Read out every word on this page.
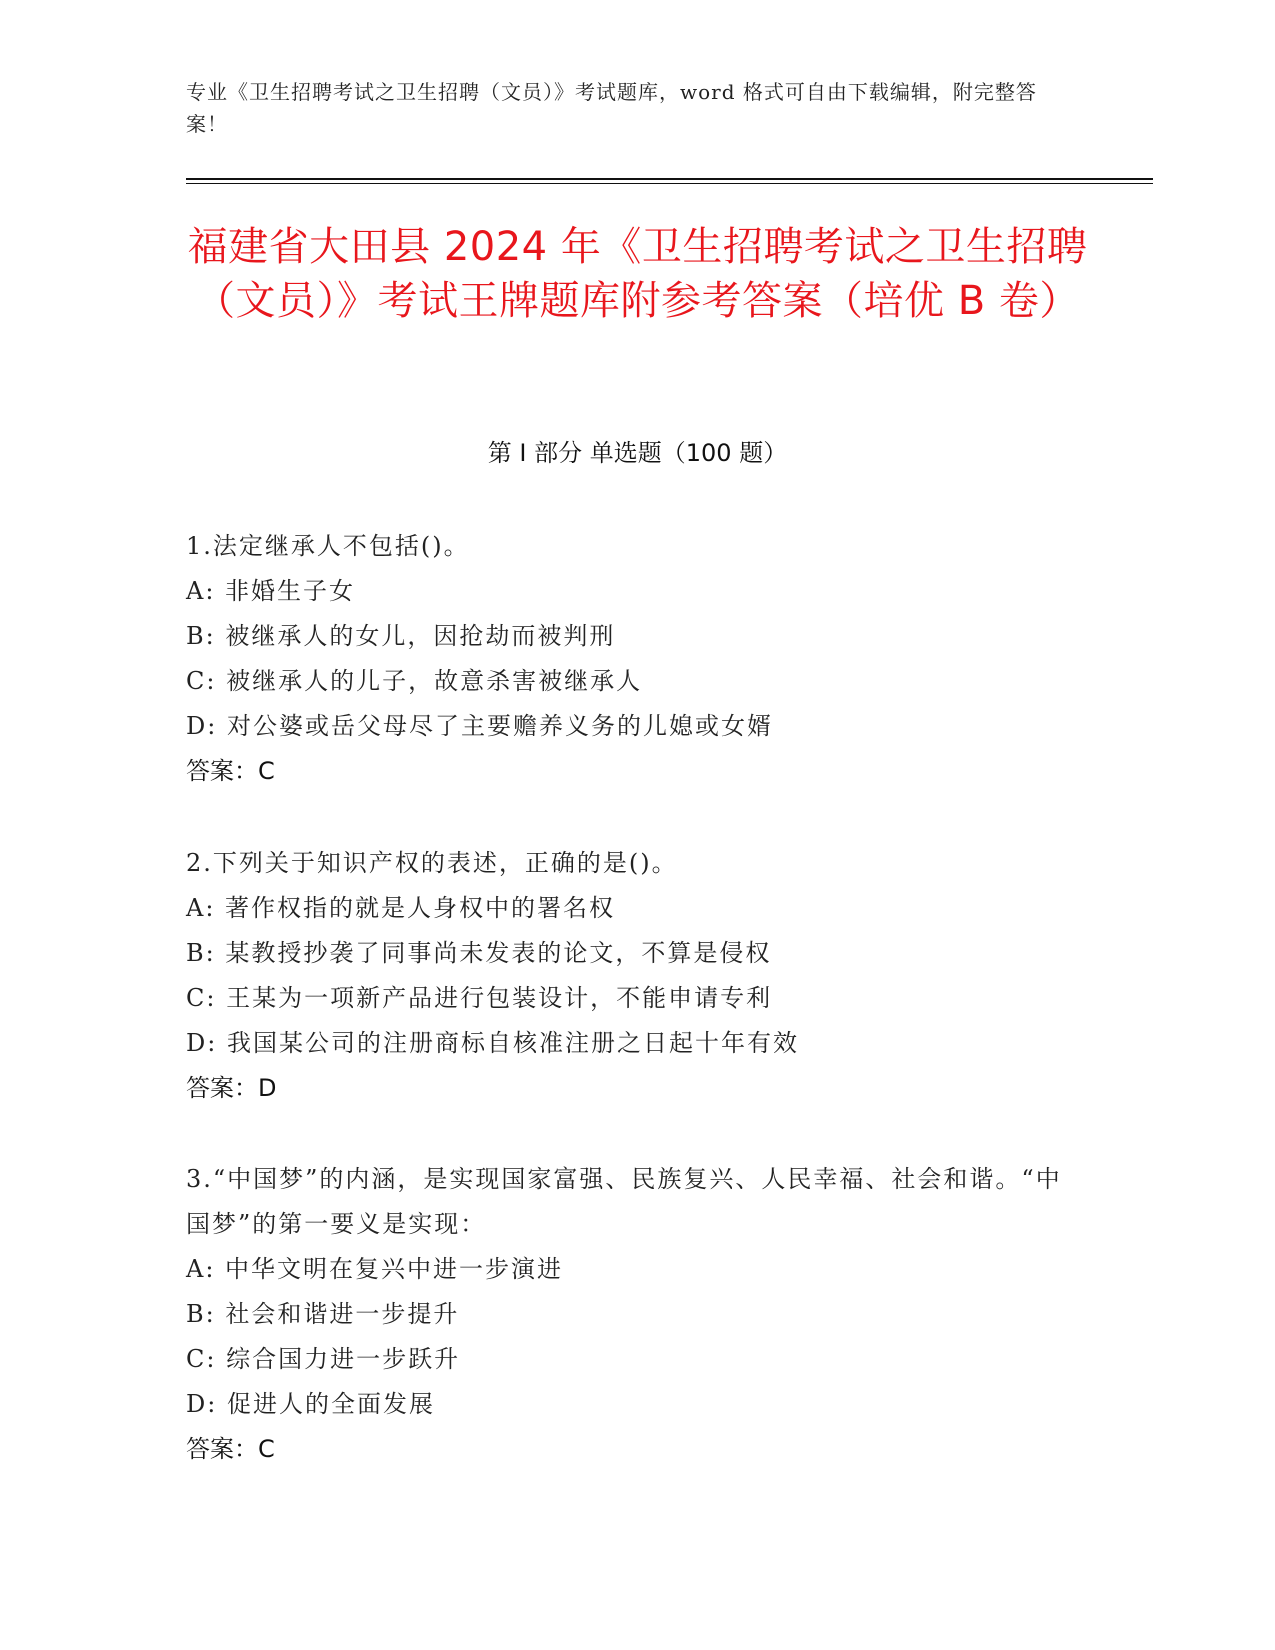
专业《卫生招聘考试之卫生招聘（文员）》考试题库，word 格式可自由下载编辑，附完整答案！
福建省大田县 2024 年《卫生招聘考试之卫生招聘（文员）》考试王牌题库附参考答案（培优 B 卷）
第 I 部分 单选题（100 题）
1.法定继承人不包括()。
A: 非婚生子女
B: 被继承人的女儿，因抢劫而被判刑
C: 被继承人的儿子，故意杀害被继承人
D: 对公婆或岳父母尽了主要赡养义务的儿媳或女婿
答案：C
2.下列关于知识产权的表述，正确的是()。
A: 著作权指的就是人身权中的署名权
B: 某教授抄袭了同事尚未发表的论文，不算是侵权
C: 王某为一项新产品进行包装设计，不能申请专利
D: 我国某公司的注册商标自核准注册之日起十年有效
答案：D
3.“中国梦”的内涵，是实现国家富强、民族复兴、人民幸福、社会和谐。“中国梦”的第一要义是实现：
A: 中华文明在复兴中进一步演进
B: 社会和谐进一步提升
C: 综合国力进一步跃升
D: 促进人的全面发展
答案：C
